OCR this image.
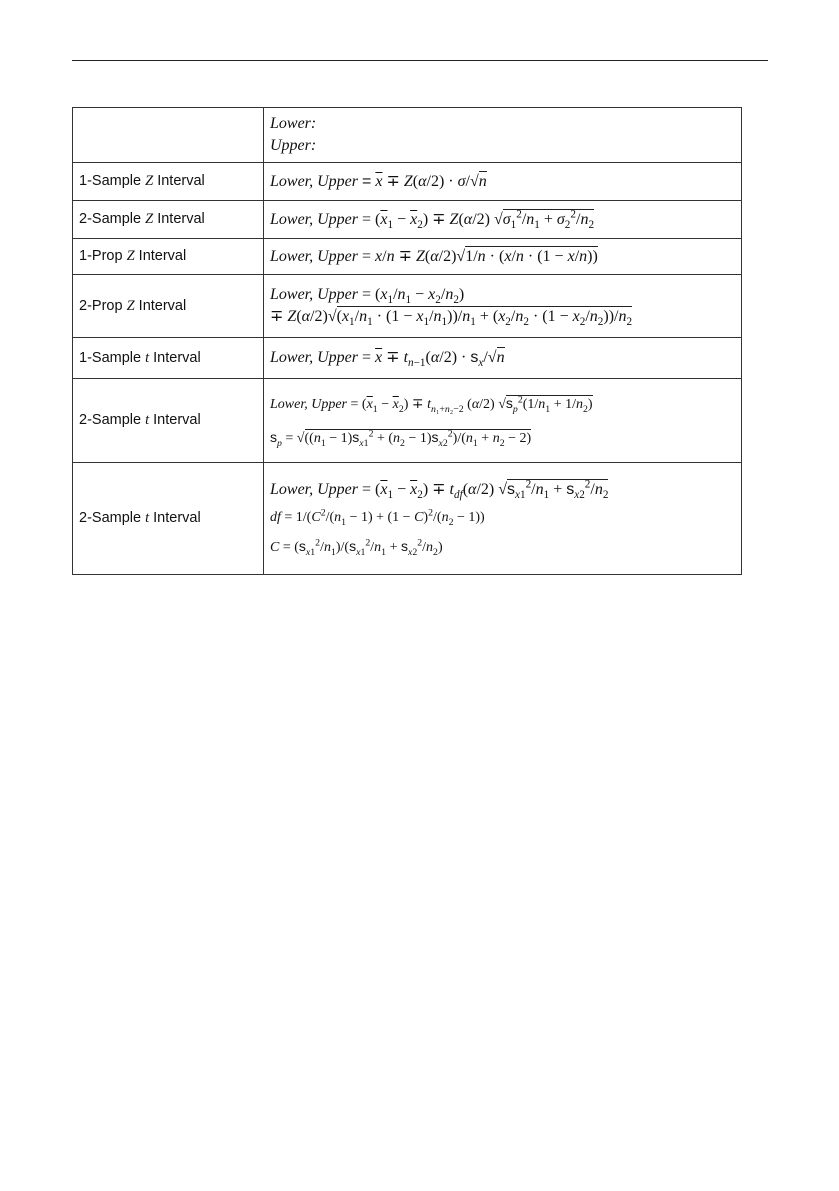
	Lower:
Upper:

1-Sample Z Interval	Lower, Upper = $\overline{x} \mp Z(\alpha/2) \cdot \sigma/√n$

2-Sample Z Interval	Lower, Upper = $(\overline{x}_1 - \overline{x}_2) \mp Z(\alpha/2) √\sigma_1^2/n_1 + \sigma_2^2/n_2$

1-Prop Z Interval	Lower, Upper = x/n ∓ Z(α/2)√1/n · (x/n · (1 − x/n))

2-Prop Z Interval	Lower, Upper = $(x_1/n_1 - x_2/n_2)$
∓ $Z(\alpha/2)√(x_1/n_1 \cdot (1 - x_1/n_1))/n_1 + (x_2/n_2 \cdot (1 - x_2/n_2))/n_2$

1-Sample t Interval	Lower, Upper = $\overline{x} \mp t_{n-1}(\alpha/2) \cdot s_x/√n$

2-Sample t Interval	Lower, Upper = $(\overline{x}_1 - \overline{x}_2) \mp t_{n_1+n_2-2}$ (α/2) $√s_p^2(1/n_1 + 1/n_2)$
$s_p = √((n_1 - 1)s_{x1}^2 + (n_2 - 1)s_{x2}^2)/(n_1 + n_2 - 2)$

2-Sample t Interval	Lower, Upper = $(\overline{x}_1 - \overline{x}_2) \mp t_{df}(\alpha/2) √s_{x1}^2/n_1 + s_{x2}^2/n_2$
df = $1/(C^2/(n_1 - 1) + (1 - C)^2/(n_2 - 1))$
$C = (s_{x1}^2/n_1)/(s_{x1}^2/n_1 + s_{x2}^2/n_2)$
